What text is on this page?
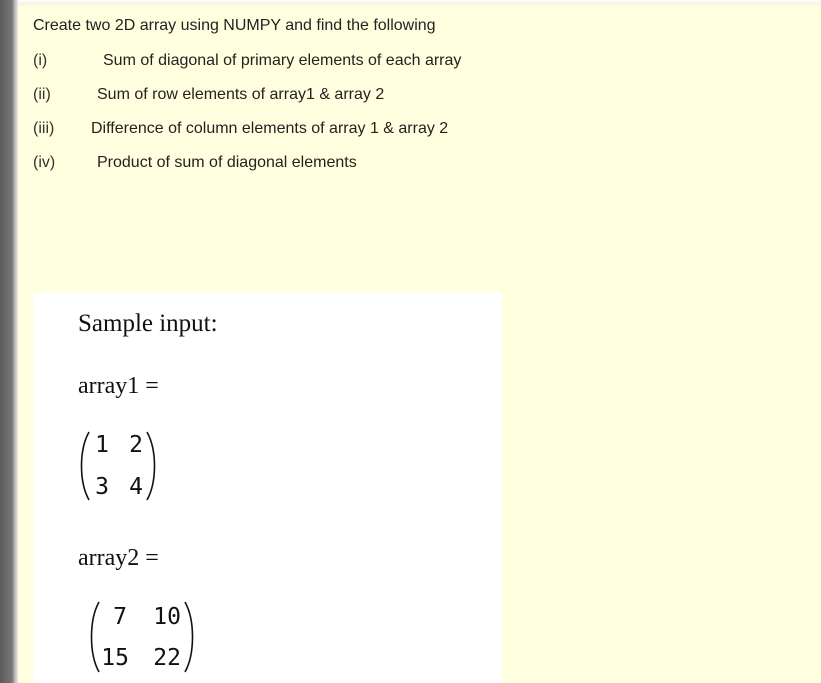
Create two 2D array using NUMPY and find the following
(i)	Sum of diagonal of primary elements of each array
(ii)	Sum of row elements of array1 & array 2
(iii) Difference of column elements of array 1 & array 2
(iv)	Product of sum of diagonal elements
Sample input:
array1 =
1 2
3 4
array2 =
7	10
15	22
